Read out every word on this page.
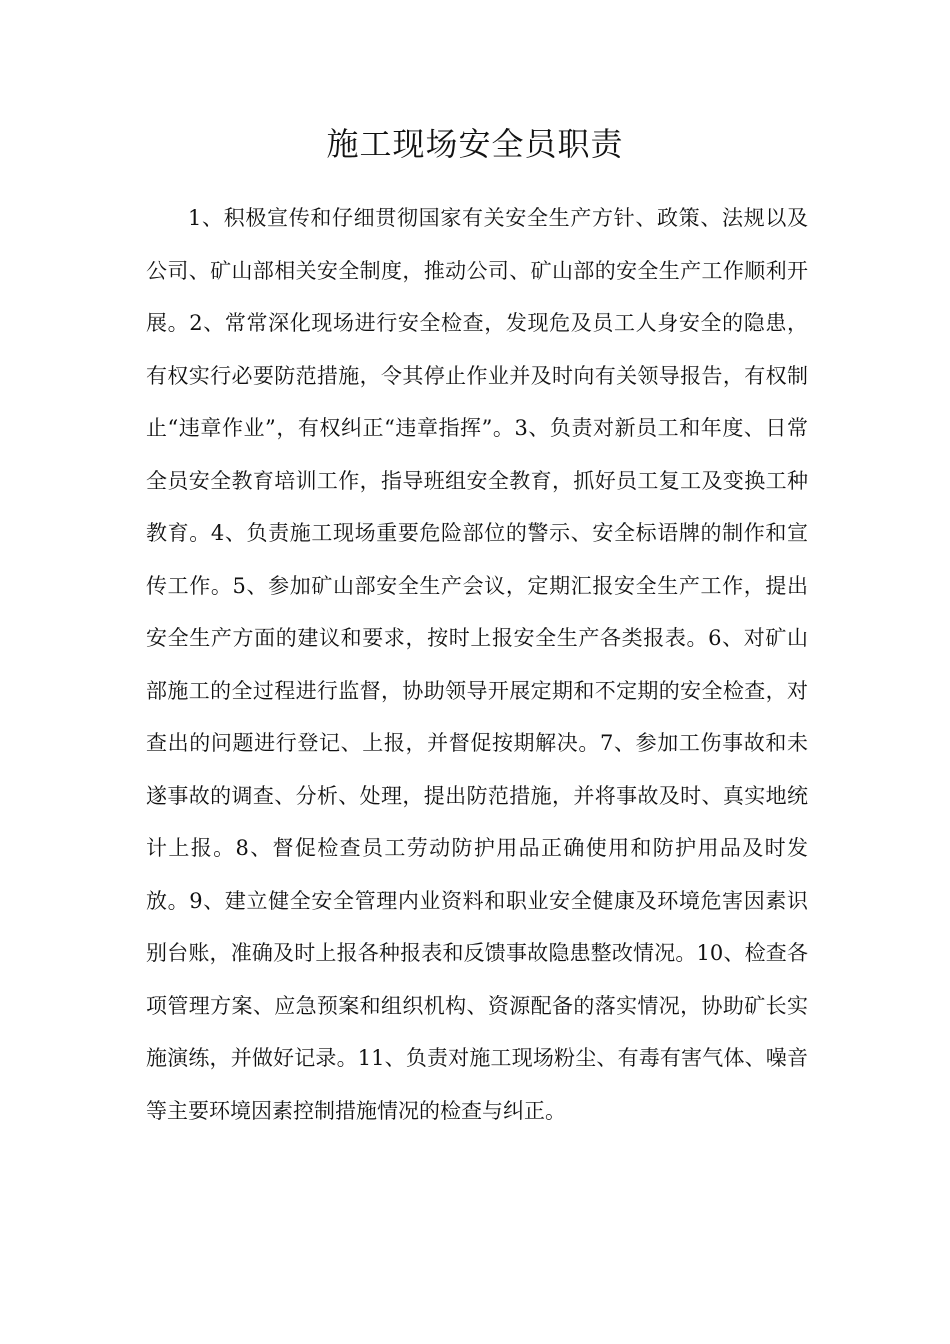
施工现场安全员职责

1、积极宣传和仔细贯彻国家有关安全生产方针、政策、法规以及公司、矿山部相关安全制度，推动公司、矿山部的安全生产工作顺利开展。2、常常深化现场进行安全检查，发现危及员工人身安全的隐患，有权实行必要防范措施，令其停止作业并及时向有关领导报告，有权制止“违章作业”，有权纠正“违章指挥”。3、负责对新员工和年度、日常全员安全教育培训工作，指导班组安全教育，抓好员工复工及变换工种教育。4、负责施工现场重要危险部位的警示、安全标语牌的制作和宣传工作。5、参加矿山部安全生产会议，定期汇报安全生产工作，提出安全生产方面的建议和要求，按时上报安全生产各类报表。6、对矿山部施工的全过程进行监督，协助领导开展定期和不定期的安全检查，对查出的问题进行登记、上报，并督促按期解决。7、参加工伤事故和未遂事故的调查、分析、处理，提出防范措施，并将事故及时、真实地统计上报。8、督促检查员工劳动防护用品正确使用和防护用品及时发放。9、建立健全安全管理内业资料和职业安全健康及环境危害因素识别台账，准确及时上报各种报表和反馈事故隐患整改情况。10、检查各项管理方案、应急预案和组织机构、资源配备的落实情况，协助矿长实施演练，并做好记录。11、负责对施工现场粉尘、有毒有害气体、噪音等主要环境因素控制措施情况的检查与纠正。
